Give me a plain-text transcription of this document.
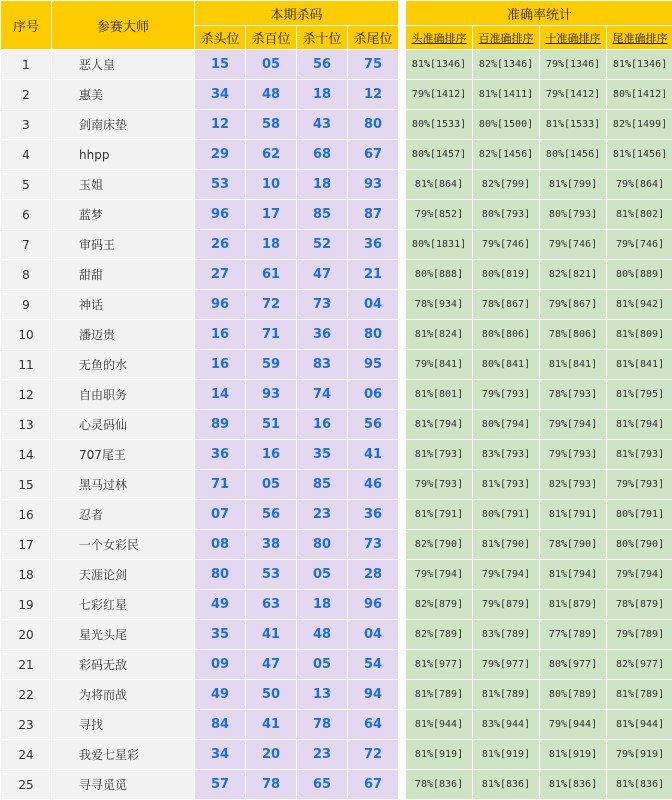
序号	参赛大师	本期杀码					准确率统计			
		杀头位	杀百位	杀十位	杀尾位		头准确排序	百准确排序	十准确排序	尾准确排序
1	恶人皇	15	05	56	75		81%[1346]	82%[1346]	79%[1346]	81%[1346]
2	惠美	34	48	18	12		79%[1412]	81%[1411]	79%[1412]	80%[1412]
3	剑南床垫	12	58	43	80		80%[1533]	80%[1500]	81%[1533]	82%[1499]
4	hhpp	29	62	68	67		80%[1457]	82%[1456]	80%[1456]	81%[1456]
5	玉姐	53	10	18	93		81%[864]	82%[799]	81%[799]	79%[864]
6	蓝梦	96	17	85	87		79%[852]	80%[793]	80%[793]	81%[802]
7	审码王	26	18	52	36		80%[1831]	79%[746]	79%[746]	79%[746]
8	甜甜	27	61	47	21		80%[888]	80%[819]	82%[821]	80%[889]
9	神话	96	72	73	04		78%[934]	78%[867]	79%[867]	81%[942]
10	潘迈贵	16	71	36	80		81%[824]	80%[806]	78%[806]	81%[809]
11	无鱼的水	16	59	83	95		79%[841]	80%[841]	81%[841]	81%[841]
12	自由职务	14	93	74	06		81%[801]	79%[793]	78%[793]	81%[795]
13	心灵码仙	89	51	16	56		81%[794]	80%[794]	79%[794]	81%[794]
14	707尾王	36	16	35	41		81%[793]	83%[793]	79%[793]	81%[793]
15	黑马过林	71	05	85	46		79%[793]	81%[793]	82%[793]	79%[793]
16	忍者	07	56	23	36		81%[791]	80%[791]	81%[791]	80%[791]
17	一个女彩民	08	38	80	73		82%[790]	81%[790]	78%[790]	80%[790]
18	天涯论剑	80	53	05	28		79%[794]	79%[794]	81%[794]	79%[794]
19	七彩红星	49	63	18	96		82%[879]	79%[879]	81%[879]	78%[879]
20	星光头尾	35	41	48	04		82%[789]	83%[789]	77%[789]	79%[789]
21	彩码无敌	09	47	05	54		81%[977]	79%[977]	80%[977]	82%[977]
22	为将而战	49	50	13	94		81%[789]	81%[789]	80%[789]	81%[789]
23	寻找	84	41	78	64		81%[944]	83%[944]	79%[944]	81%[944]
24	我爱七星彩	34	20	23	72		81%[919]	81%[919]	81%[919]	79%[919]
25	寻寻觅觅	57	78	65	67		78%[836]	81%[836]	81%[836]	81%[836]
